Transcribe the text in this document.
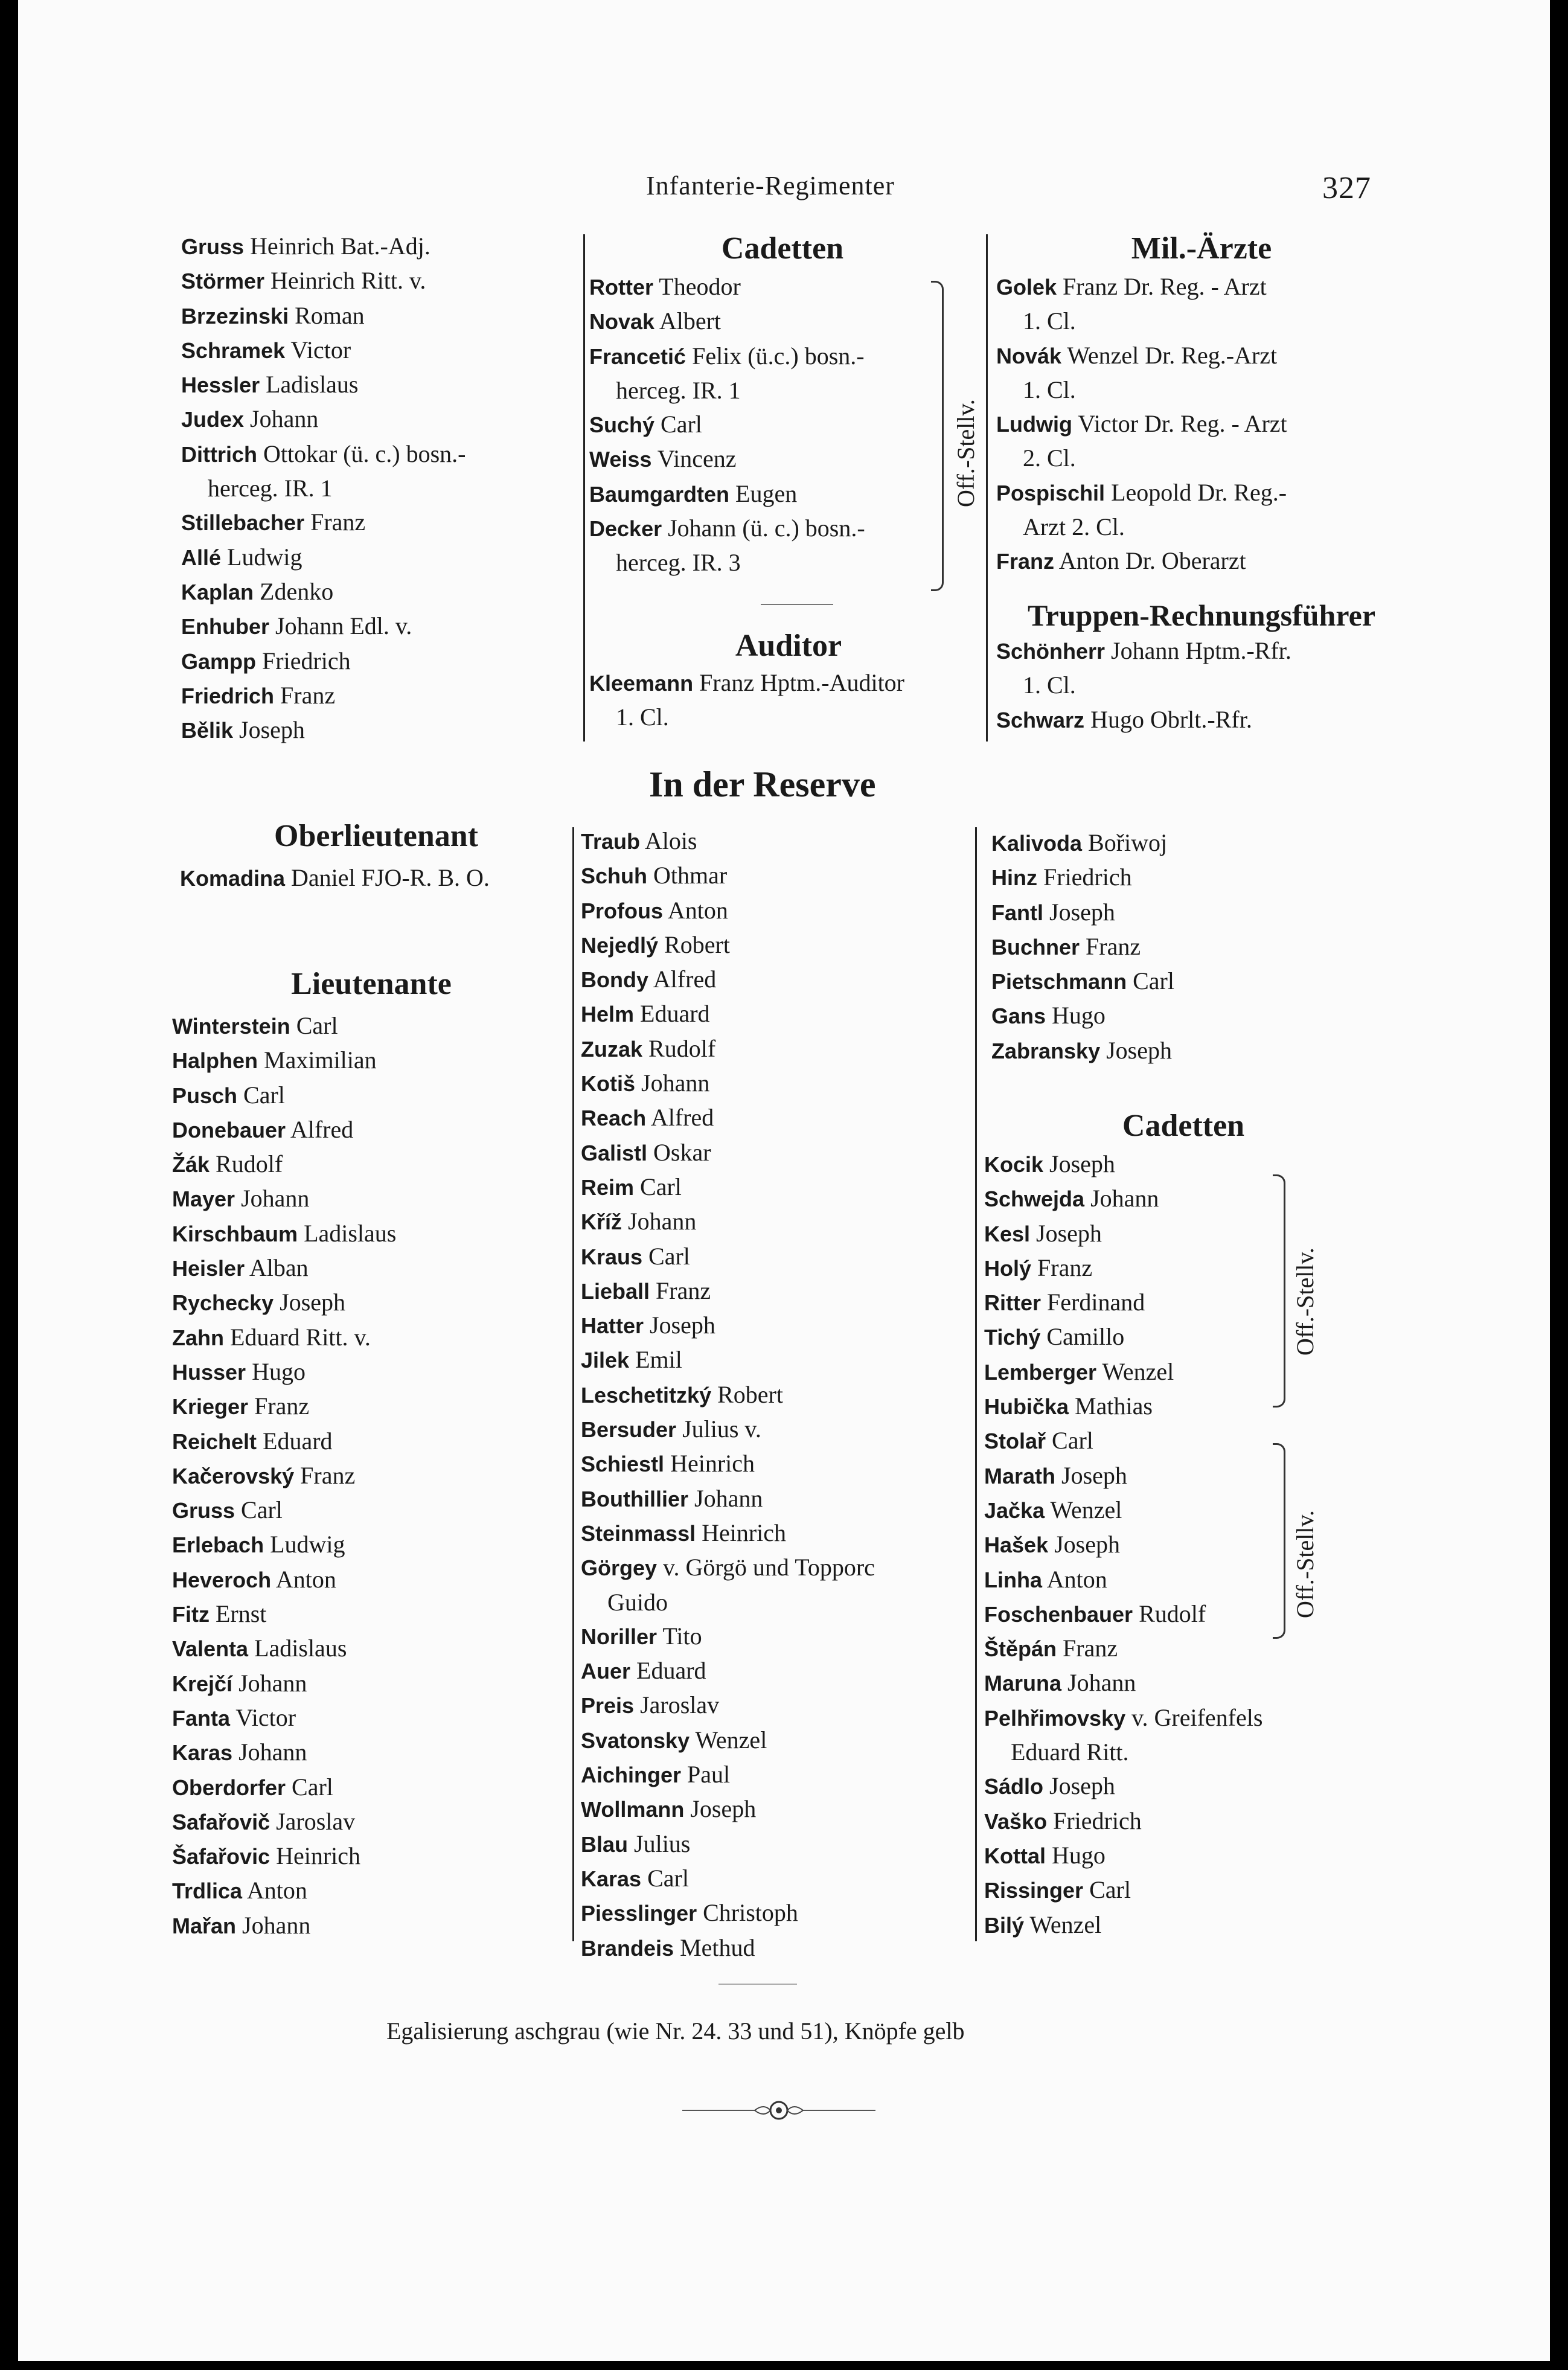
Infanterie-Regimenter	327
Gruss Heinrich Bat.-Adj.
Störmer Heinrich Ritt. v.
Brzezinski Roman
Schramek Victor
Hessler Ladislaus
Judex Johann
Dittrich Ottokar (ü. c.) bosn.-
herceg. IR. 1
Stillebacher Franz
Allé Ludwig
Kaplan Zdenko
Enhuber Johann Edl. v.
Gampp Friedrich
Friedrich Franz
Bělik Joseph
Cadetten
Rotter Theodor
Novak Albert
Francetić Felix (ü.c.) bosn.-
herceg. IR. 1
Suchý Carl
Weiss Vincenz
Baumgardten Eugen
Decker Johann (ü. c.) bosn.-
herceg. IR. 3
Off.-Stellv.
Auditor
Kleemann Franz Hptm.-Auditor
1. Cl.
Mil.-Ärzte
Golek Franz Dr. Reg. - Arzt
1. Cl.
Novák Wenzel Dr. Reg.-Arzt
1. Cl.
Ludwig Victor Dr. Reg. - Arzt
2. Cl.
Pospischil Leopold Dr. Reg.-
Arzt 2. Cl.
Franz Anton Dr. Oberarzt
Truppen-Rechnungsführer
Schönherr Johann Hptm.-Rfr.
1. Cl.
Schwarz Hugo Obrlt.-Rfr.
In der Reserve
Oberlieutenant
Komadina Daniel FJO-R. B. O.
Lieutenante
Winterstein Carl
Halphen Maximilian
Pusch Carl
Donebauer Alfred
Žák Rudolf
Mayer Johann
Kirschbaum Ladislaus
Heisler Alban
Rychecky Joseph
Zahn Eduard Ritt. v.
Husser Hugo
Krieger Franz
Reichelt Eduard
Kačerovský Franz
Gruss Carl
Erlebach Ludwig
Heveroch Anton
Fitz Ernst
Valenta Ladislaus
Krejčí Johann
Fanta Victor
Karas Johann
Oberdorfer Carl
Safařovič Jaroslav
Šafařovic Heinrich
Trdlica Anton
Mařan Johann
Traub Alois
Schuh Othmar
Profous Anton
Nejedlý Robert
Bondy Alfred
Helm Eduard
Zuzak Rudolf
Kotiš Johann
Reach Alfred
Galistl Oskar
Reim Carl
Kříž Johann
Kraus Carl
Lieball Franz
Hatter Joseph
Jilek Emil
Leschetitzký Robert
Bersuder Julius v.
Schiestl Heinrich
Bouthillier Johann
Steinmassl Heinrich
Görgey v. Görgö und Topporc
Guido
Noriller Tito
Auer Eduard
Preis Jaroslav
Svatonsky Wenzel
Aichinger Paul
Wollmann Joseph
Blau Julius
Karas Carl
Piesslinger Christoph
Brandeis Methud
Kalivoda Bořiwoj
Hinz Friedrich
Fantl Joseph
Buchner Franz
Pietschmann Carl
Gans Hugo
Zabransky Joseph
Cadetten
Kocik Joseph
Schwejda Johann
Kesl Joseph
Holý Franz
Ritter Ferdinand
Tichý Camillo
Lemberger Wenzel
Hubička Mathias
Stolař Carl
Marath Joseph
Jačka Wenzel
Hašek Joseph
Linha Anton
Foschenbauer Rudolf
Štěpán Franz
Maruna Johann
Pelhřimovsky v. Greifenfels
Eduard Ritt.
Sádlo Joseph
Vaško Friedrich
Kottal Hugo
Rissinger Carl
Bilý Wenzel
Off.-Stellv.
Off.-Stellv.
Egalisierung aschgrau (wie Nr. 24. 33 und 51), Knöpfe gelb
